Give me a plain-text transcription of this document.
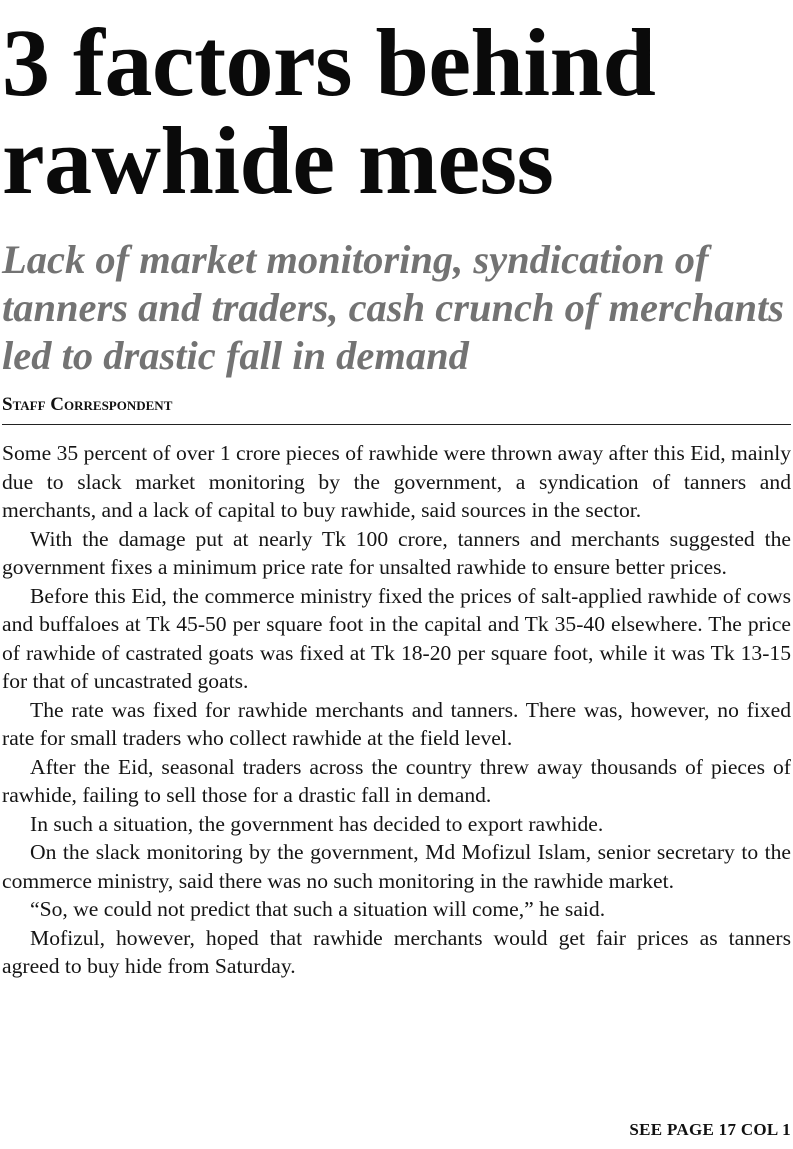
3 factors behind
rawhide mess
Lack of market monitoring, syndication of tanners and traders, cash crunch of merchants led to drastic fall in demand
Staff Correspondent

Some 35 percent of over 1 crore pieces of rawhide were thrown away after this Eid, mainly due to slack market monitoring by the government, a syndication of tanners and merchants, and a lack of capital to buy rawhide, said sources in the sector.

With the damage put at nearly Tk 100 crore, tanners and merchants suggested the government fixes a minimum price rate for unsalted rawhide to ensure better prices.

Before this Eid, the commerce ministry fixed the prices of salt-applied rawhide of cows and buffaloes at Tk 45-50 per square foot in the capital and Tk 35-40 elsewhere. The price of rawhide of castrated goats was fixed at Tk 18-20 per square foot, while it was Tk 13-15 for that of uncastrated goats.

The rate was fixed for rawhide merchants and tanners. There was, however, no fixed rate for small traders who collect rawhide at the field level.

After the Eid, seasonal traders across the country threw away thousands of pieces of rawhide, failing to sell those for a drastic fall in demand.

In such a situation, the government has decided to export rawhide.

On the slack monitoring by the government, Md Mofizul Islam, senior secretary to the commerce ministry, said there was no such monitoring in the rawhide market.

“So, we could not predict that such a situation will come,” he said.

Mofizul, however, hoped that rawhide merchants would get fair prices as tanners agreed to buy hide from Saturday.

SEE PAGE 17 COL 1
